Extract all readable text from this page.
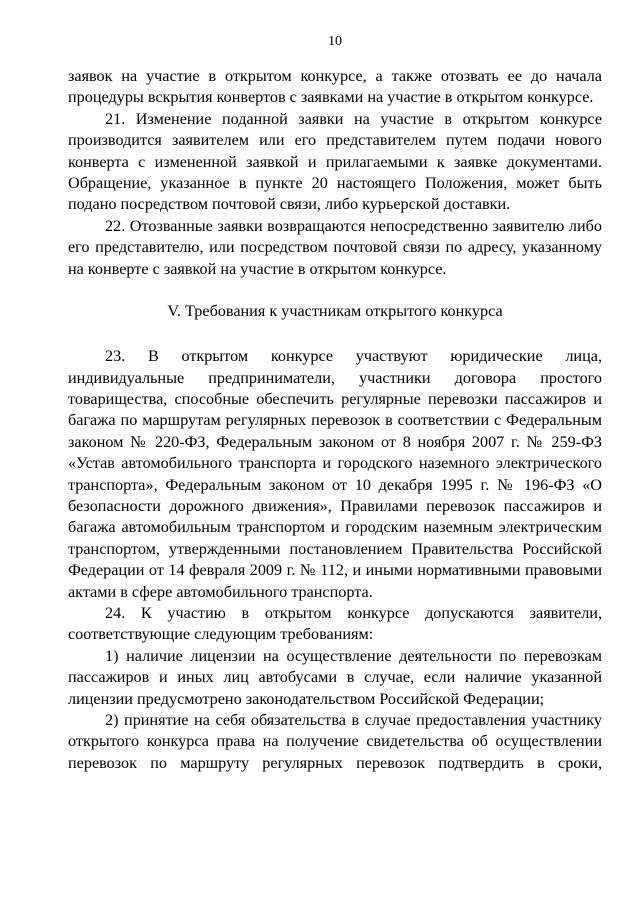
10
заявок на участие в открытом конкурсе, а также отозвать ее до начала
процедуры вскрытия конвертов с заявками на участие в открытом конкурсе.
21. Изменение поданной заявки на участие в открытом конкурсе
производится заявителем или его представителем путем подачи нового
конверта с измененной заявкой и прилагаемыми к заявке документами.
Обращение, указанное в пункте 20 настоящего Положения, может быть
подано посредством почтовой связи, либо курьерской доставки.
22. Отозванные заявки возвращаются непосредственно заявителю либо
его представителю, или посредством почтовой связи по адресу, указанному
на конверте с заявкой на участие в открытом конкурсе.
V. Требования к участникам открытого конкурса
23. В открытом конкурсе участвуют юридические лица,
индивидуальные предприниматели, участники договора простого
товарищества, способные обеспечить регулярные перевозки пассажиров и
багажа по маршрутам регулярных перевозок в соответствии с Федеральным
законом № 220-ФЗ, Федеральным законом от 8 ноября 2007 г. № 259-ФЗ
«Устав автомобильного транспорта и городского наземного электрического
транспорта», Федеральным законом от 10 декабря 1995 г. № 196-ФЗ «О
безопасности дорожного движения», Правилами перевозок пассажиров и
багажа автомобильным транспортом и городским наземным электрическим
транспортом, утвержденными постановлением Правительства Российской
Федерации от 14 февраля 2009 г. № 112, и иными нормативными правовыми
актами в сфере автомобильного транспорта.
24. К участию в открытом конкурсе допускаются заявители,
соответствующие следующим требованиям:
1) наличие лицензии на осуществление деятельности по перевозкам
пассажиров и иных лиц автобусами в случае, если наличие указанной
лицензии предусмотрено законодательством Российской Федерации;
2) принятие на себя обязательства в случае предоставления участнику
открытого конкурса права на получение свидетельства об осуществлении
перевозок по маршруту регулярных перевозок подтвердить в сроки,
